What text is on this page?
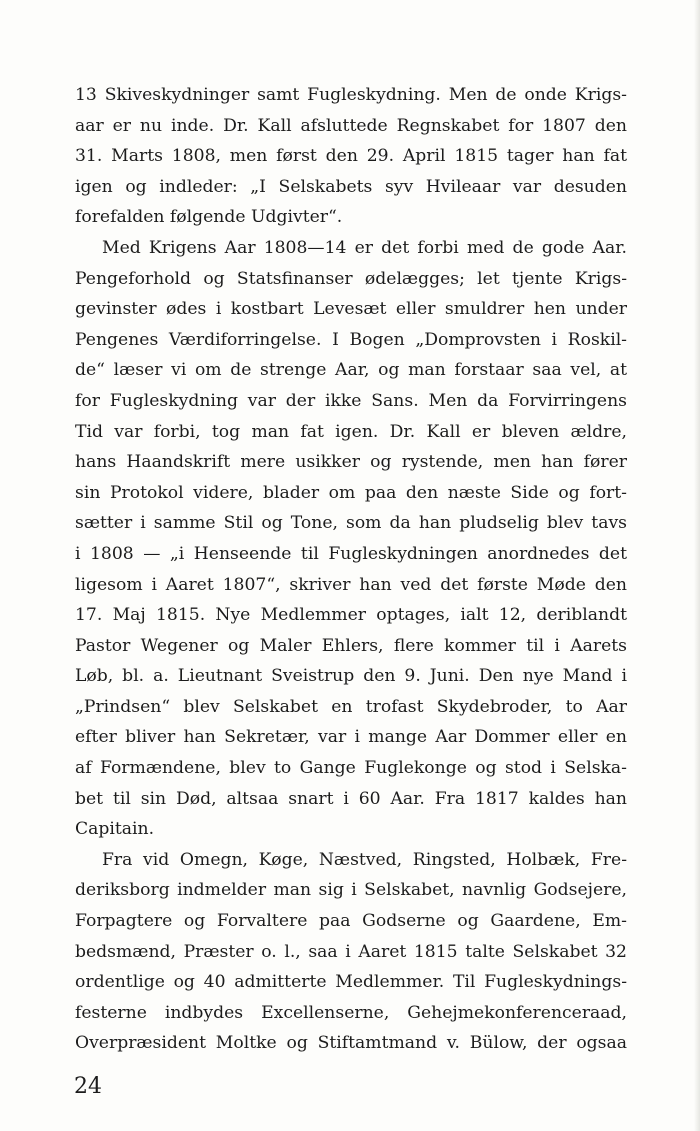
13 Skiveskydninger samt Fugleskydning. Men de onde Krigs-
aar er nu inde. Dr. Kall afsluttede Regnskabet for 1807 den
31. Marts 1808, men først den 29. April 1815 tager han fat
igen og indleder: „I Selskabets syv Hvileaar var desuden
forefalden følgende Udgivter“.
Med Krigens Aar 1808—14 er det forbi med de gode Aar.
Pengeforhold og Statsfinanser ødelægges; let tjente Krigs-
gevinster ødes i kostbart Levesæt eller smuldrer hen under
Pengenes Værdiforringelse. I Bogen „Domprovsten i Roskil-
de“ læser vi om de strenge Aar, og man forstaar saa vel, at
for Fugleskydning var der ikke Sans. Men da Forvirringens
Tid var forbi, tog man fat igen. Dr. Kall er bleven ældre,
hans Haandskrift mere usikker og rystende, men han fører
sin Protokol videre, blader om paa den næste Side og fort-
sætter i samme Stil og Tone, som da han pludselig blev tavs
i 1808 — „i Henseende til Fugleskydningen anordnedes det
ligesom i Aaret 1807“, skriver han ved det første Møde den
17. Maj 1815. Nye Medlemmer optages, ialt 12, deriblandt
Pastor Wegener og Maler Ehlers, flere kommer til i Aarets
Løb, bl. a. Lieutnant Sveistrup den 9. Juni. Den nye Mand i
„Prindsen“ blev Selskabet en trofast Skydebroder, to Aar
efter bliver han Sekretær, var i mange Aar Dommer eller en
af Formændene, blev to Gange Fuglekonge og stod i Selska-
bet til sin Død, altsaa snart i 60 Aar. Fra 1817 kaldes han
Capitain.
Fra vid Omegn, Køge, Næstved, Ringsted, Holbæk, Fre-
deriksborg indmelder man sig i Selskabet, navnlig Godsejere,
Forpagtere og Forvaltere paa Godserne og Gaardene, Em-
bedsmænd, Præster o. l., saa i Aaret 1815 talte Selskabet 32
ordentlige og 40 admitterte Medlemmer. Til Fugleskydnings-
festerne indbydes Excellenserne, Gehejmekonferenceraad,
Overpræsident Moltke og Stiftamtmand v. Bülow, der ogsaa
24
